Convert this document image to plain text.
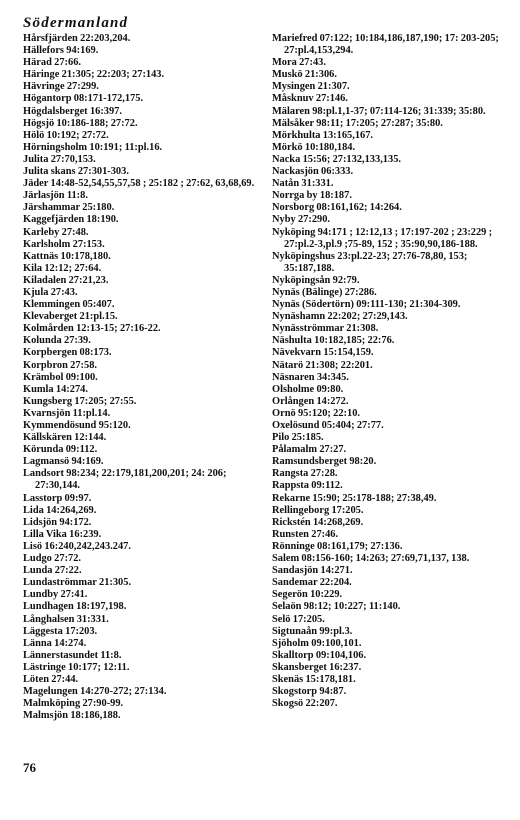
Södermanland
Hårsfjärden 22:203,204.
Hällefors 94:169.
Härad 27:66.
Häringe 21:305; 22:203; 27:143.
Hävringe 27:299.
Högantorp 08:171-172,175.
Högdalsberget 16:397.
Högsjö 10:186-188; 27:72.
Hölö 10:192; 27:72.
Hörningsholm 10:191; 11:pl.16.
Julita 27:70,153.
Julita skans 27:301-303.
Jäder 14:48-52,54,55,57,58 ; 25:182 ; 27:62, 63,68,69.
Järlasjön 11:8.
Järshammar 25:180.
Kaggefjärden 18:190.
Karleby 27:48.
Karlsholm 27:153.
Kattnäs 10:178,180.
Kila 12:12; 27:64.
Kiladalen 27:21,23.
Kjula 27:43.
Klemmingen 05:407.
Klevaberget 21:pl.15.
Kolmården 12:13-15; 27:16-22.
Kolunda 27:39.
Korpbergen 08:173.
Korpbron 27:58.
Krämbol 09:100.
Kumla 14:274.
Kungsberg 17:205; 27:55.
Kvarnsjön 11:pl.14.
Kymmendösund 95:120.
Källskären 12:144.
Körunda 09:112.
Lagmansö 94:169.
Landsort 98:234; 22:179,181,200,201; 24: 206; 27:30,144.
Lasstorp 09:97.
Lida 14:264,269.
Lidsjön 94:172.
Lilla Vika 16:239.
Lisö 16:240,242,243.247.
Ludgo 27:72.
Lunda 27:22.
Lundaströmmar 21:305.
Lundby 27:41.
Lundhagen 18:197,198.
Långhalsen 31:331.
Läggesta 17:203.
Länna 14:274.
Lännerstasundet 11:8.
Lästringe 10:177; 12:11.
Löten 27:44.
Magelungen 14:270-272; 27:134.
Malmköping 27:90-99.
Malmsjön 18:186,188.
Mariefred 07:122; 10:184,186,187,190; 17: 203-205; 27:pl.4,153,294.
Mora 27:43.
Muskö 21:306.
Mysingen 21:307.
Måsknuv 27:146.
Mälaren 98:pl.1,1-37; 07:114-126; 31:339; 35:80.
Mälsåker 98:11; 17:205; 27:287; 35:80.
Mörkhulta 13:165,167.
Mörkö 10:180,184.
Nacka 15:56; 27:132,133,135.
Nackasjön 06:333.
Natån 31:331.
Norrga by 18:187.
Norsborg 08:161,162; 14:264.
Nyby 27:290.
Nyköping 94:171 ; 12:12,13 ; 17:197-202 ; 23:229 ; 27:pl.2-3,pl.9 ;75-89, 152 ; 35:90,90,186-188.
Nyköpingshus 23:pl.22-23; 27:76-78,80, 153; 35:187,188.
Nyköpingsån 92:79.
Nynäs (Bälinge) 27:286.
Nynäs (Södertörn) 09:111-130; 21:304-309.
Nynäshamn 22:202; 27:29,143.
Nynäsströmmar 21:308.
Näshulta 10:182,185; 22:76.
Nävekvarn 15:154,159.
Nätarö 21:308; 22:201.
Näsnaren 34:345.
Olsholme 09:80.
Orlången 14:272.
Ornö 95:120; 22:10.
Oxelösund 05:404; 27:77.
Pilo 25:185.
Pålamalm 27:27.
Ramsundsberget 98:20.
Rangsta 27:28.
Rappsta 09:112.
Rekarne 15:90; 25:178-188; 27:38,49.
Rellingeborg 17:205.
Rickstén 14:268,269.
Runsten 27:46.
Rönninge 08:161,179; 27:136.
Salem 08:156-160; 14:263; 27:69,71,137, 138.
Sandasjön 14:271.
Sandemar 22:204.
Segerön 10:229.
Selaön 98:12; 10:227; 11:140.
Selö 17:205.
Sigtunaån 99:pl.3.
Sjöholm 09:100,101.
Skalltorp 09:104,106.
Skansberget 16:237.
Skenäs 15:178,181.
Skogstorp 94:87.
Skogsö 22:207.
76
